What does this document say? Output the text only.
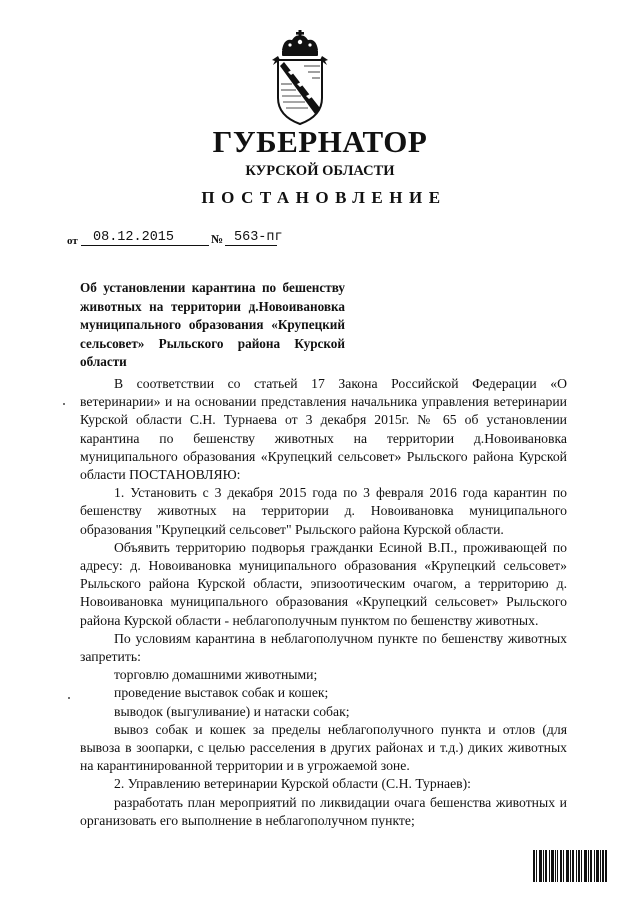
ГУБЕРНАТОР
КУРСКОЙ ОБЛАСТИ
ПОСТАНОВЛЕНИЕ
от 08.12.2015	№ 563-пг
Об установлении карантина по бешенству животных на территории д.Новоивановка муниципального образования «Крупецкий сельсовет» Рыльского района Курской области

В соответствии со статьей 17 Закона Российской Федерации «О ветеринарии» и на основании представления начальника управления ветеринарии Курской области С.Н. Турнаева от 3 декабря 2015г. № 65 об установлении карантина по бешенству животных на территории д.Новоивановка муниципального образования «Крупецкий сельсовет» Рыльского района Курской области ПОСТАНОВЛЯЮ:

1. Установить с 3 декабря 2015 года по 3 февраля 2016 года карантин по бешенству животных на территории д. Новоивановка муниципального образования "Крупецкий сельсовет" Рыльского района Курской области.

Объявить территорию подворья гражданки Есиной В.П., проживающей по адресу: д. Новоивановка муниципального образования «Крупецкий сельсовет» Рыльского района Курской области, эпизоотическим очагом, а территорию д. Новоивановка муниципального образования «Крупецкий сельсовет» Рыльского района Курской области - неблагополучным пунктом по бешенству животных.

По условиям карантина в неблагополучном пункте по бешенству животных запретить:

торговлю домашними животными;

проведение выставок собак и кошек;

выводок (выгуливание) и натаски собак;

вывоз собак и кошек за пределы неблагополучного пункта и отлов (для вывоза в зоопарки, с целью расселения в других районах и т.д.) диких животных на карантинированной территории и в угрожаемой зоне.

2. Управлению ветеринарии Курской области (С.Н. Турнаев):

разработать план мероприятий по ликвидации очага бешенства животных и организовать его выполнение в неблагополучном пункте;
